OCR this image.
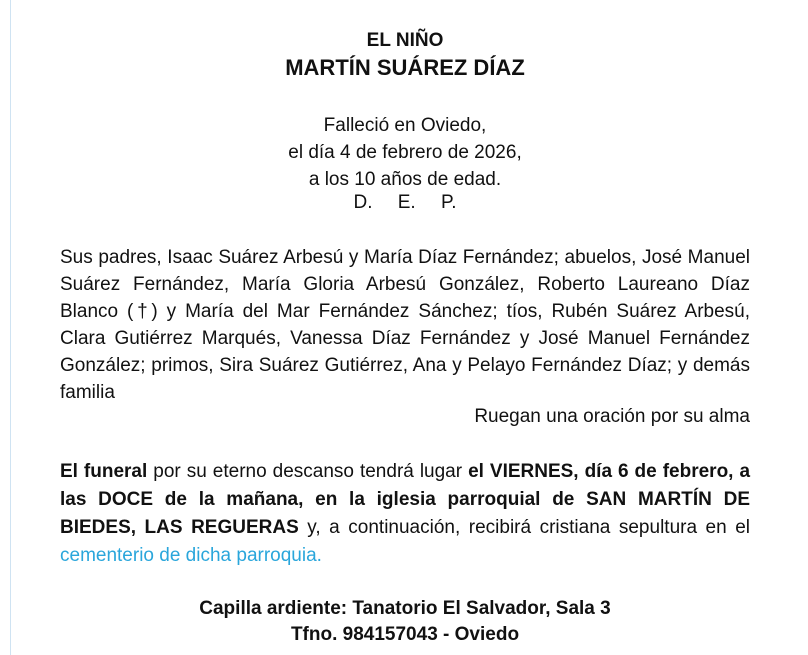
EL NIÑO
MARTÍN SUÁREZ DÍAZ
Falleció en Oviedo,
el día 4 de febrero de 2026,
a los 10 años de edad.
D. E. P.
Sus padres, Isaac Suárez Arbesú y María Díaz Fernández; abuelos, José Manuel Suárez Fernández, María Gloria Arbesú González, Roberto Laureano Díaz Blanco (†) y María del Mar Fernández Sánchez; tíos, Rubén Suárez Arbesú, Clara Gutiérrez Marqués, Vanessa Díaz Fernández y José Manuel Fernández González; primos, Sira Suárez Gutiérrez, Ana y Pelayo Fernández Díaz; y demás familia
Ruegan una oración por su alma
El funeral por su eterno descanso tendrá lugar el VIERNES, día 6 de febrero, a las DOCE de la mañana, en la iglesia parroquial de SAN MARTÍN DE BIEDES, LAS REGUERAS y, a continuación, recibirá cristiana sepultura en el cementerio de dicha parroquia.
Capilla ardiente: Tanatorio El Salvador, Sala 3
Tfno. 984157043 - Oviedo
